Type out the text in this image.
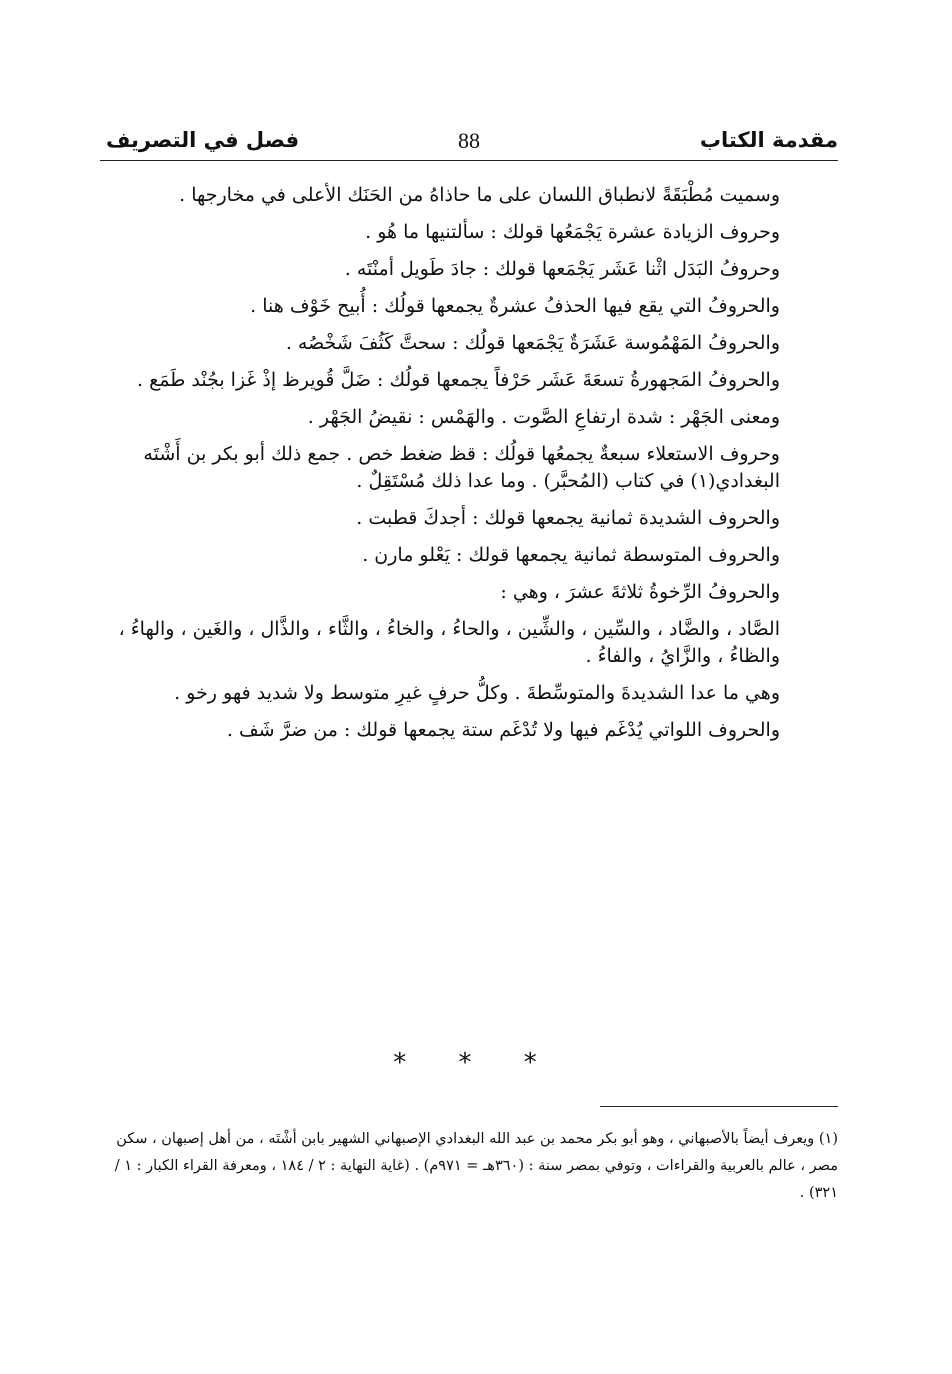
مقدمة الكتاب
88
فصل في التصريف

وسميت مُطْبَقَةً لانطباق اللسان على ما حاذاهُ من الحَنَك الأعلى في مخارجها .

وحروف الزيادة عشرة يَجْمَعُها قولك : سألتنيها ما هُو .

وحروفُ البَدَل اثْنا عَشَر يَجْمَعها قولك : جادَ طَويل أمنْتَه .

والحروفُ التي يقع فيها الحذفُ عشرةٌ يجمعها قولُك : أُبيح خَوْف هنا .

والحروفُ المَهْمُوسة عَشَرَةٌ يَجْمَعها قولُك : سحتَّ كَثُفَ شَخْصُه .

والحروفُ المَجهورةُ تسعَةَ عَشَر حَرْفاً يجمعها قولُك : ضَلَّ قُويرظ إذْ غَزا بجُنْد طَمَع .

ومعنى الجَهْر : شدة ارتفاعِ الصَّوت . والهَمْس : نقيضُ الجَهْر .

وحروف الاستعلاء سبعةٌ يجمعُها قولُك : قظ ضغط خص . جمع ذلك أبو بكر بن أَشْتَه البغدادي(١) في كتاب (المُحبَّر) . وما عدا ذلك مُسْتَقِلٌ .

والحروف الشديدة ثمانية يجمعها قولك : أجدكَ قطبت .

والحروف المتوسطة ثمانية يجمعها قولك : يَعْلو مارن .

والحروفُ الرِّخوةُ ثلاثةَ عشرَ ، وهي :

الصَّاد ، والضَّاد ، والسِّين ، والشِّين ، والحاءُ ، والخاءُ ، والثَّاء ، والذَّال ، والغَين ، والهاءُ ، والظاءُ ، والزَّايُ ، والفاءُ .

وهي ما عدا الشديدةَ والمتوسِّطةَ . وكلُّ حرفٍ غيرِ متوسط ولا شديد فهو رخو .

والحروف اللواتي يُدْغَم فيها ولا تُدْغَم ستة يجمعها قولك : من ضرَّ شَف .

* * *
(١) ويعرف أيضاً بالأصبهاني ، وهو أبو بكر محمد بن عبد الله البغدادي الإصبهاني الشهير بابن أشْتَه ، من أهل إصبهان ، سكن مصر ، عالم بالعربية والقراءات ، وتوفي بمصر سنة : (٣٦٠هـ = ٩٧١م) . (غاية النهاية : ٢ / ١٨٤ ، ومعرفة القراء الكبار : ١ / ٣٢١) .
